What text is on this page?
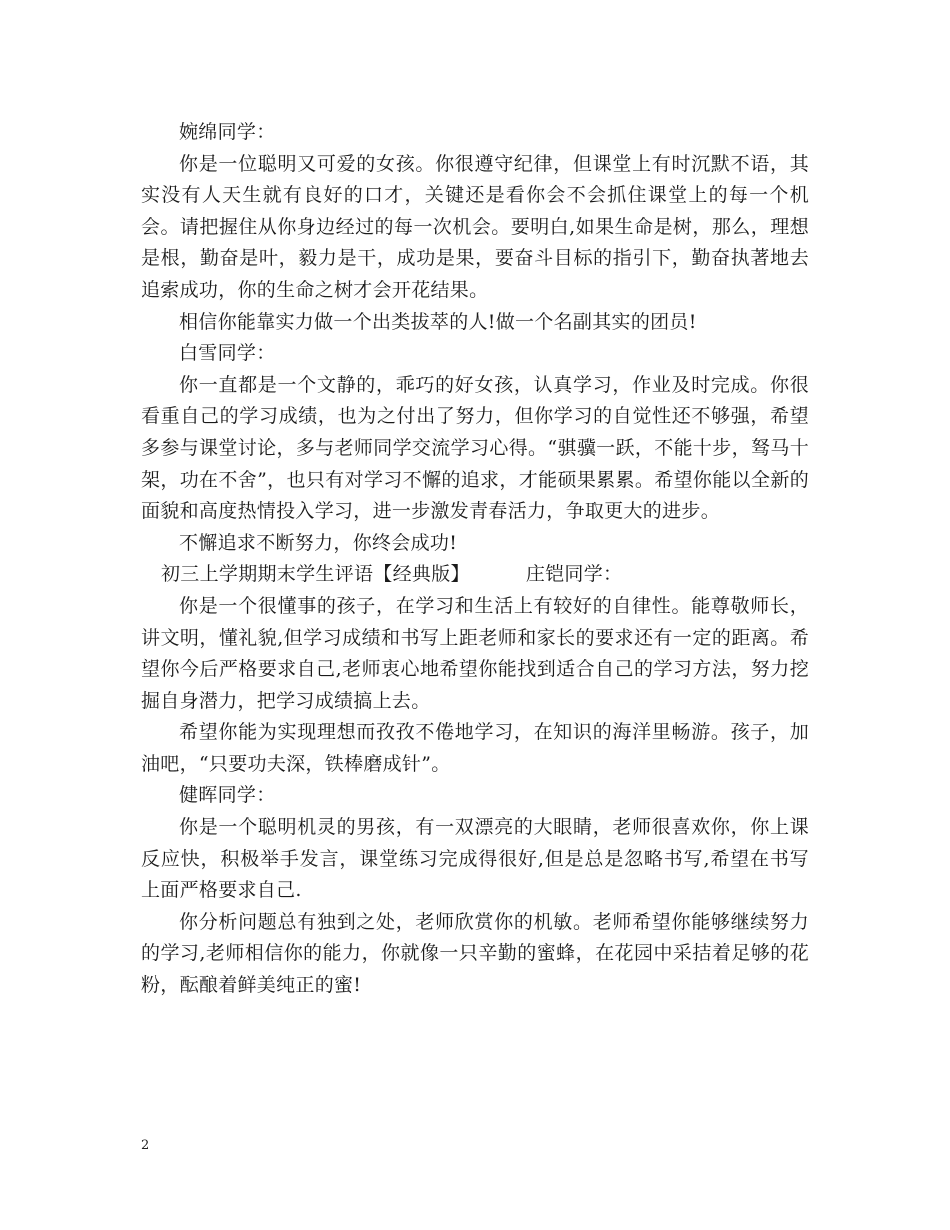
婉绵同学：

你是一位聪明又可爱的女孩。你很遵守纪律，但课堂上有时沉默不语，其实没有人天生就有良好的口才，关键还是看你会不会抓住课堂上的每一个机会。请把握住从你身边经过的每一次机会。要明白,如果生命是树，那么，理想是根，勤奋是叶，毅力是干，成功是果，要奋斗目标的指引下，勤奋执著地去追索成功，你的生命之树才会开花结果。

相信你能靠实力做一个出类拔萃的人!做一个名副其实的团员!

白雪同学：

你一直都是一个文静的，乖巧的好女孩，认真学习，作业及时完成。你很看重自己的学习成绩，也为之付出了努力，但你学习的自觉性还不够强，希望多参与课堂讨论，多与老师同学交流学习心得。“骐骥一跃，不能十步，驽马十架，功在不舍”，也只有对学习不懈的追求，才能硕果累累。希望你能以全新的面貌和高度热情投入学习，进一步激发青春活力，争取更大的进步。

不懈追求不断努力，你终会成功!

初三上学期期末学生评语【经典版】	庄铠同学：

你是一个很懂事的孩子，在学习和生活上有较好的自律性。能尊敬师长，讲文明，懂礼貌,但学习成绩和书写上距老师和家长的要求还有一定的距离。希望你今后严格要求自己,老师衷心地希望你能找到适合自己的学习方法，努力挖掘自身潜力，把学习成绩搞上去。

希望你能为实现理想而孜孜不倦地学习，在知识的海洋里畅游。孩子，加油吧，“只要功夫深，铁棒磨成针”。

健晖同学：

你是一个聪明机灵的男孩，有一双漂亮的大眼睛，老师很喜欢你，你上课反应快，积极举手发言，课堂练习完成得很好,但是总是忽略书写,希望在书写上面严格要求自己.

你分析问题总有独到之处，老师欣赏你的机敏。老师希望你能够继续努力的学习,老师相信你的能力，你就像一只辛勤的蜜蜂，在花园中采拮着足够的花粉，酝酿着鲜美纯正的蜜!

2
